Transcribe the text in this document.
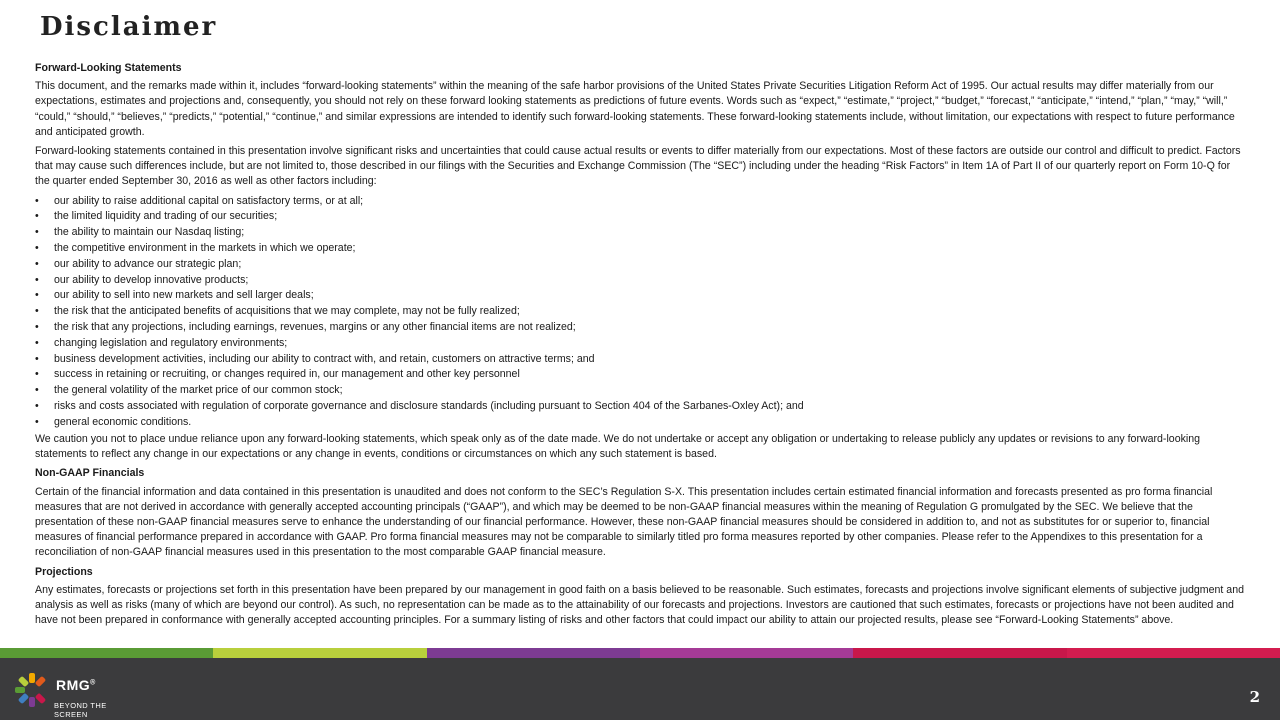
Disclaimer
Forward-Looking Statements

This document, and the remarks made within it, includes “forward-looking statements” within the meaning of the safe harbor provisions of the United States Private Securities Litigation Reform Act of 1995. Our actual results may differ materially from our expectations, estimates and projections and, consequently, you should not rely on these forward looking statements as predictions of future events. Words such as “expect,” “estimate,” “project,” “budget,” “forecast,” “anticipate,” “intend,” “plan,” “may,” “will,” “could,” “should,” “believes,” “predicts,” “potential,” “continue,” and similar expressions are intended to identify such forward-looking statements. These forward-looking statements include, without limitation, our expectations with respect to future performance and anticipated growth.

Forward-looking statements contained in this presentation involve significant risks and uncertainties that could cause actual results or events to differ materially from our expectations. Most of these factors are outside our control and difficult to predict. Factors that may cause such differences include, but are not limited to, those described in our filings with the Securities and Exchange Commission (The “SEC”) including under the heading “Risk Factors” in Item 1A of Part II of our quarterly report on Form 10-Q for the quarter ended September 30, 2016 as well as other factors including:

• our ability to raise additional capital on satisfactory terms, or at all;
• the limited liquidity and trading of our securities;
• the ability to maintain our Nasdaq listing;
• the competitive environment in the markets in which we operate;
• our ability to advance our strategic plan;
• our ability to develop innovative products;
• our ability to sell into new markets and sell larger deals;
• the risk that the anticipated benefits of acquisitions that we may complete, may not be fully realized;
• the risk that any projections, including earnings, revenues, margins or any other financial items are not realized;
• changing legislation and regulatory environments;
• business development activities, including our ability to contract with, and retain, customers on attractive terms; and
• success in retaining or recruiting, or changes required in, our management and other key personnel
• the general volatility of the market price of our common stock;
• risks and costs associated with regulation of corporate governance and disclosure standards (including pursuant to Section 404 of the Sarbanes-Oxley Act); and
• general economic conditions.

We caution you not to place undue reliance upon any forward-looking statements, which speak only as of the date made. We do not undertake or accept any obligation or undertaking to release publicly any updates or revisions to any forward-looking statements to reflect any change in our expectations or any change in events, conditions or circumstances on which any such statement is based.

Non-GAAP Financials

Certain of the financial information and data contained in this presentation is unaudited and does not conform to the SEC’s Regulation S-X. This presentation includes certain estimated financial information and forecasts presented as pro forma financial measures that are not derived in accordance with generally accepted accounting principals (“GAAP”), and which may be deemed to be non-GAAP financial measures within the meaning of Regulation G promulgated by the SEC. We believe that the presentation of these non-GAAP financial measures serve to enhance the understanding of our financial performance. However, these non-GAAP financial measures should be considered in addition to, and not as substitutes for or superior to, financial measures of financial performance prepared in accordance with GAAP. Pro forma financial measures may not be comparable to similarly titled pro forma measures reported by other companies. Please refer to the Appendixes to this presentation for a reconciliation of non-GAAP financial measures used in this presentation to the most comparable GAAP financial measure.

Projections

Any estimates, forecasts or projections set forth in this presentation have been prepared by our management in good faith on a basis believed to be reasonable. Such estimates, forecasts and projections involve significant elements of subjective judgment and analysis as well as risks (many of which are beyond our control). As such, no representation can be made as to the attainability of our forecasts and projections. Investors are cautioned that such estimates, forecasts or projections have not been audited and have not been prepared in conformance with generally accepted accounting principles. For a summary listing of risks and other factors that could impact our ability to attain our projected results, please see “Forward-Looking Statements” above.

RMG®
BEYOND THE SCREEN
2
